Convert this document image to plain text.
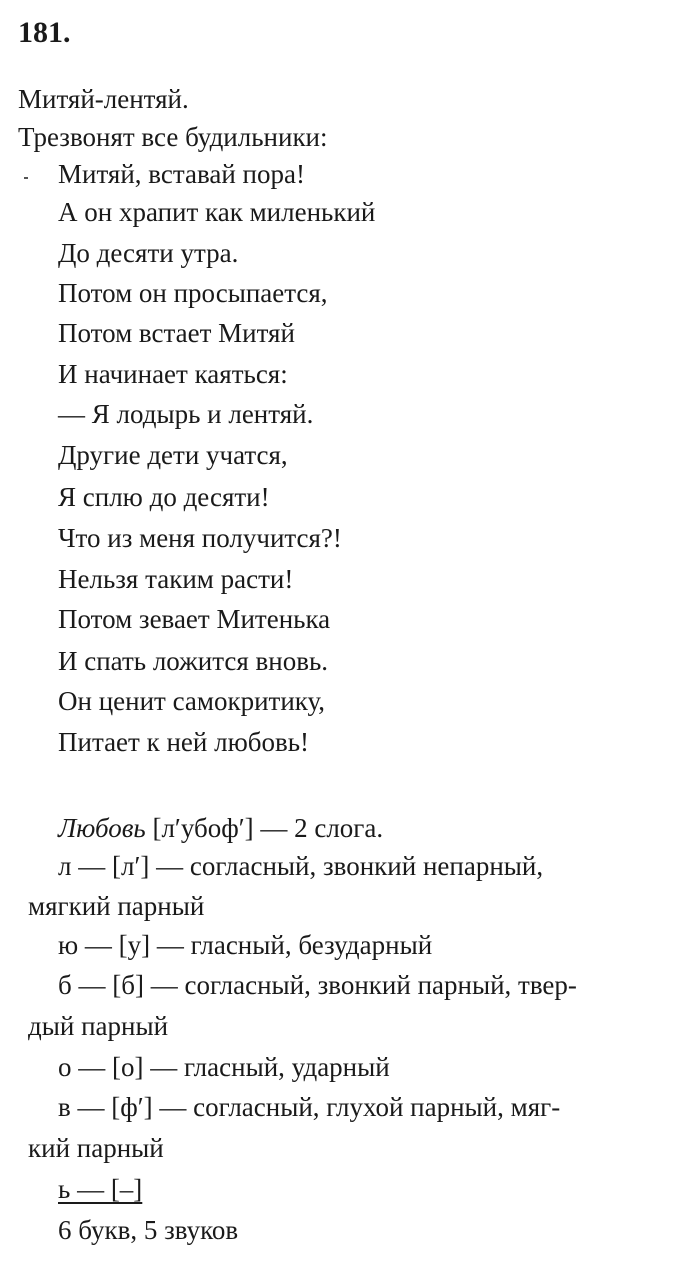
181.
Митяй-лентяй.
Трезвонят все будильники:
Митяй, вставай пора!
А он храпит как миленький
До десяти утра.
Потом он просыпается,
Потом встает Митяй
И начинает каяться:
— Я лодырь и лентяй.
Другие дети учатся,
Я сплю до десяти!
Что из меня получится?!
Нельзя таким расти!
Потом зевает Митенька
И спать ложится вновь.
Он ценит самокритику,
Питает к ней любовь!
Любовь [л′убоф′] — 2 слога.
л — [л′] — согласный, звонкий непарный,
мягкий парный
ю — [у] — гласный, безударный
б — [б] — согласный, звонкий парный, твер-
дый парный
о — [о] — гласный, ударный
в — [ф′] — согласный, глухой парный, мяг-
кий парный
ь — [–]
6 букв, 5 звуков
